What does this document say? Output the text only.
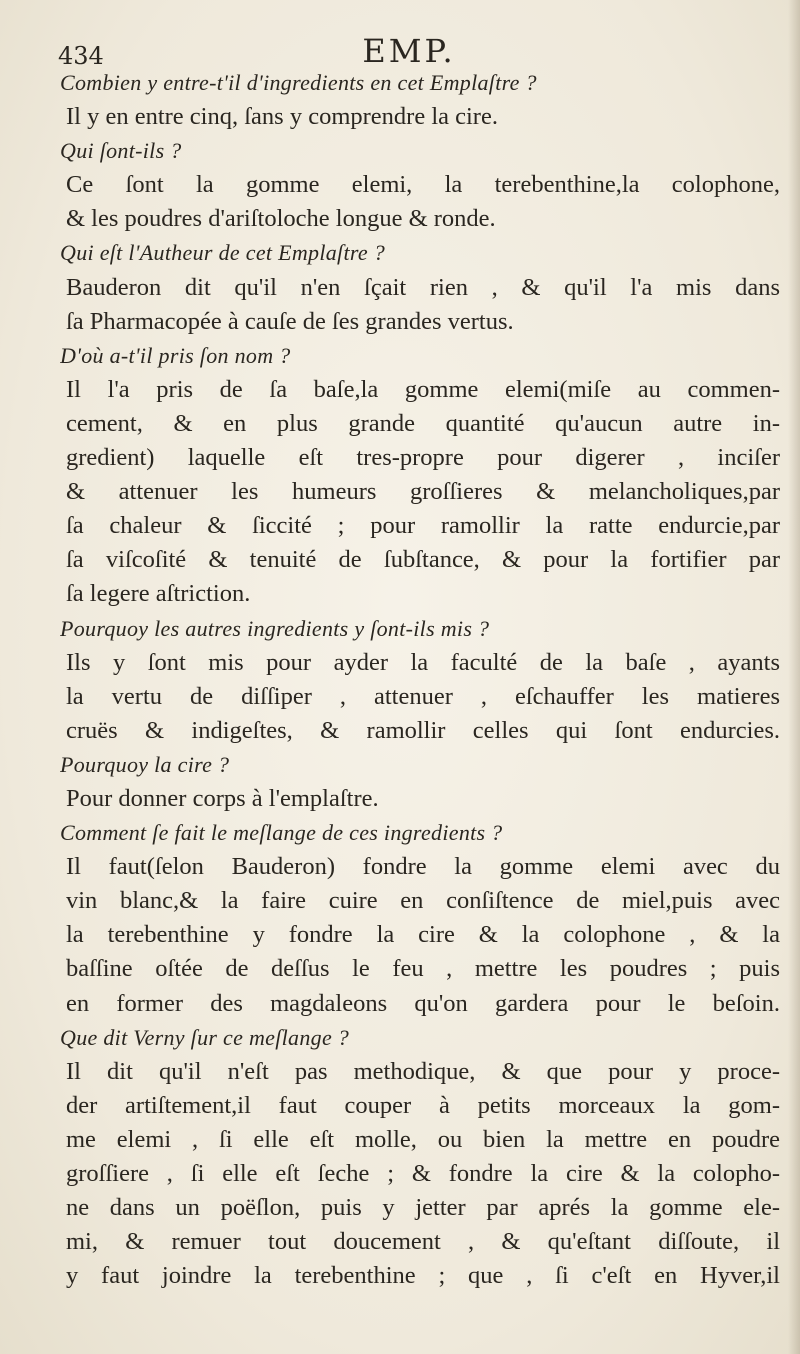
434	EMP.
Combien y entre-t'il d'ingredients en cet Emplaſtre ?
Il y en entre cinq, ſans y comprendre la cire.
Qui ſont-ils ?
Ce ſont la gomme elemi, la terebenthine,la colophone,
& les poudres d'ariſtoloche longue & ronde.
Qui eſt l'Autheur de cet Emplaſtre ?
Bauderon dit qu'il n'en ſçait rien , & qu'il l'a mis dans
ſa Pharmacopée à cauſe de ſes grandes vertus.
D'où a-t'il pris ſon nom ?
Il l'a pris de ſa baſe,la gomme elemi(miſe au commen-
cement, & en plus grande quantité qu'aucun autre in-
gredient) laquelle eſt tres-propre pour digerer , inciſer
& attenuer les humeurs groſſieres & melancholiques,par
ſa chaleur & ſiccité ; pour ramollir la ratte endurcie,par
ſa viſcoſité & tenuité de ſubſtance, & pour la fortifier par
ſa legere aſtriction.
Pourquoy les autres ingredients y ſont-ils mis ?
Ils y ſont mis pour ayder la faculté de la baſe , ayants
la vertu de diſſiper , attenuer , eſchauffer les matieres
cruës & indigeſtes, & ramollir celles qui ſont endurcies.
Pourquoy la cire ?
Pour donner corps à l'emplaſtre.
Comment ſe fait le meſlange de ces ingredients ?
Il faut(ſelon Bauderon) fondre la gomme elemi avec du
vin blanc,& la faire cuire en conſiſtence de miel,puis avec
la terebenthine y fondre la cire & la colophone , & la
baſſine oſtée de deſſus le feu , mettre les poudres ; puis
en former des magdaleons qu'on gardera pour le beſoin.
Que dit Verny ſur ce meſlange ?
Il dit qu'il n'eſt pas methodique, & que pour y proce-
der artiſtement,il faut couper à petits morceaux la gom-
me elemi , ſi elle eſt molle, ou bien la mettre en poudre
groſſiere , ſi elle eſt ſeche ; & fondre la cire & la colopho-
ne dans un poëſlon, puis y jetter par aprés la gomme ele-
mi, & remuer tout doucement , & qu'eſtant diſſoute, il
y faut joindre la terebenthine ; que , ſi c'eſt en Hyver,il
